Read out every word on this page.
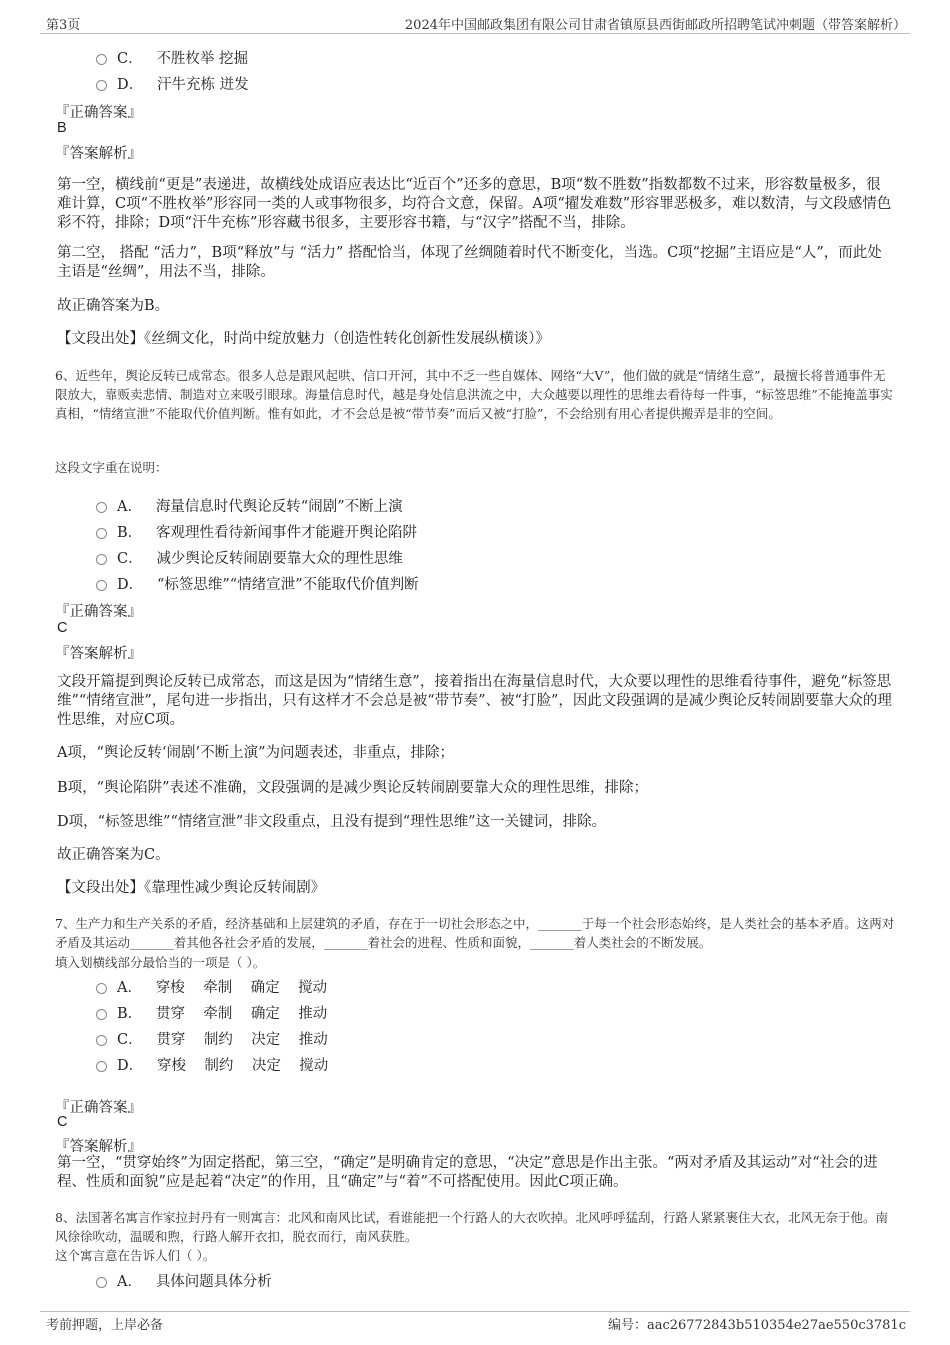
第3页	2024年中国邮政集团有限公司甘肃省镇原县西街邮政所招聘笔试冲刺题（带答案解析）
C． 不胜枚举 挖掘
D． 汗牛充栋 迸发
『正确答案』
B
『答案解析』
第一空，横线前“更是”表递进，故横线处成语应表达比“近百个”还多的意思，B项“数不胜数”指数都数不过来，形容数量极多，很难计算，C项“不胜枚举”形容同一类的人或事物很多，均符合文意，保留。A项“擢发难数”形容罪恶极多，难以数清，与文段感情色彩不符，排除；D项“汗牛充栋”形容藏书很多，主要形容书籍，与“汉字”搭配不当，排除。
第二空， 搭配 “活力”，B项“释放”与 “活力” 搭配恰当，体现了丝绸随着时代不断变化，当选。C项“挖掘”主语应是“人”，而此处主语是“丝绸”，用法不当，排除。
故正确答案为B。
【文段出处】《丝绸文化，时尚中绽放魅力（创造性转化创新性发展纵横谈）》
6、近些年，舆论反转已成常态。很多人总是跟风起哄、信口开河，其中不乏一些自媒体、网络“大V”，他们做的就是“情绪生意”，最擅长将普通事件无限放大，靠贩卖悲情、制造对立来吸引眼球。海量信息时代，越是身处信息洪流之中，大众越要以理性的思维去看待每一件事，“标签思维”不能掩盖事实真相，“情绪宣泄”不能取代价值判断。惟有如此，才不会总是被“带节奏”而后又被“打脸”，不会给别有用心者提供搬弄是非的空间。
这段文字重在说明：
A． 海量信息时代舆论反转“闹剧”不断上演
B． 客观理性看待新闻事件才能避开舆论陷阱
C． 减少舆论反转闹剧要靠大众的理性思维
D． “标签思维”“情绪宣泄”不能取代价值判断
『正确答案』
C
『答案解析』
文段开篇提到舆论反转已成常态，而这是因为“情绪生意”，接着指出在海量信息时代，大众要以理性的思维看待事件，避免“标签思维”“情绪宣泄”，尾句进一步指出，只有这样才不会总是被“带节奏”、被“打脸”，因此文段强调的是减少舆论反转闹剧要靠大众的理性思维，对应C项。
A项，“舆论反转‘闹剧’不断上演”为问题表述，非重点，排除；
B项，“舆论陷阱”表述不准确，文段强调的是减少舆论反转闹剧要靠大众的理性思维，排除；
D项，“标签思维”“情绪宣泄”非文段重点，且没有提到“理性思维”这一关键词，排除。
故正确答案为C。
【文段出处】《靠理性减少舆论反转闹剧》
7、生产力和生产关系的矛盾，经济基础和上层建筑的矛盾，存在于一切社会形态之中，_______于每一个社会形态始终，是人类社会的基本矛盾。这两对矛盾及其运动_______着其他各社会矛盾的发展，_______着社会的进程、性质和面貌，_______着人类社会的不断发展。
填入划横线部分最恰当的一项是（ ）。
A． 穿梭    牵制    确定    搅动
B． 贯穿    牵制    确定    推动
C． 贯穿    制约    决定    推动
D． 穿梭    制约    决定    搅动
『正确答案』
C
『答案解析』
第一空，“贯穿始终”为固定搭配，第三空，“确定”是明确肯定的意思，“决定”意思是作出主张。“两对矛盾及其运动”对“社会的进程、性质和面貌”应是起着“决定”的作用，且“确定”与“着”不可搭配使用。因此C项正确。
8、法国著名寓言作家拉封丹有一则寓言：北风和南风比试，看谁能把一个行路人的大衣吹掉。北风呼呼猛刮，行路人紧紧裹住大衣，北风无奈于他。南风徐徐吹动，温暖和煦，行路人解开衣扣，脱衣而行，南风获胜。
这个寓言意在告诉人们（ ）。
A． 具体问题具体分析
考前押题，上岸必备	编号：aac26772843b510354e27ae550c3781c
